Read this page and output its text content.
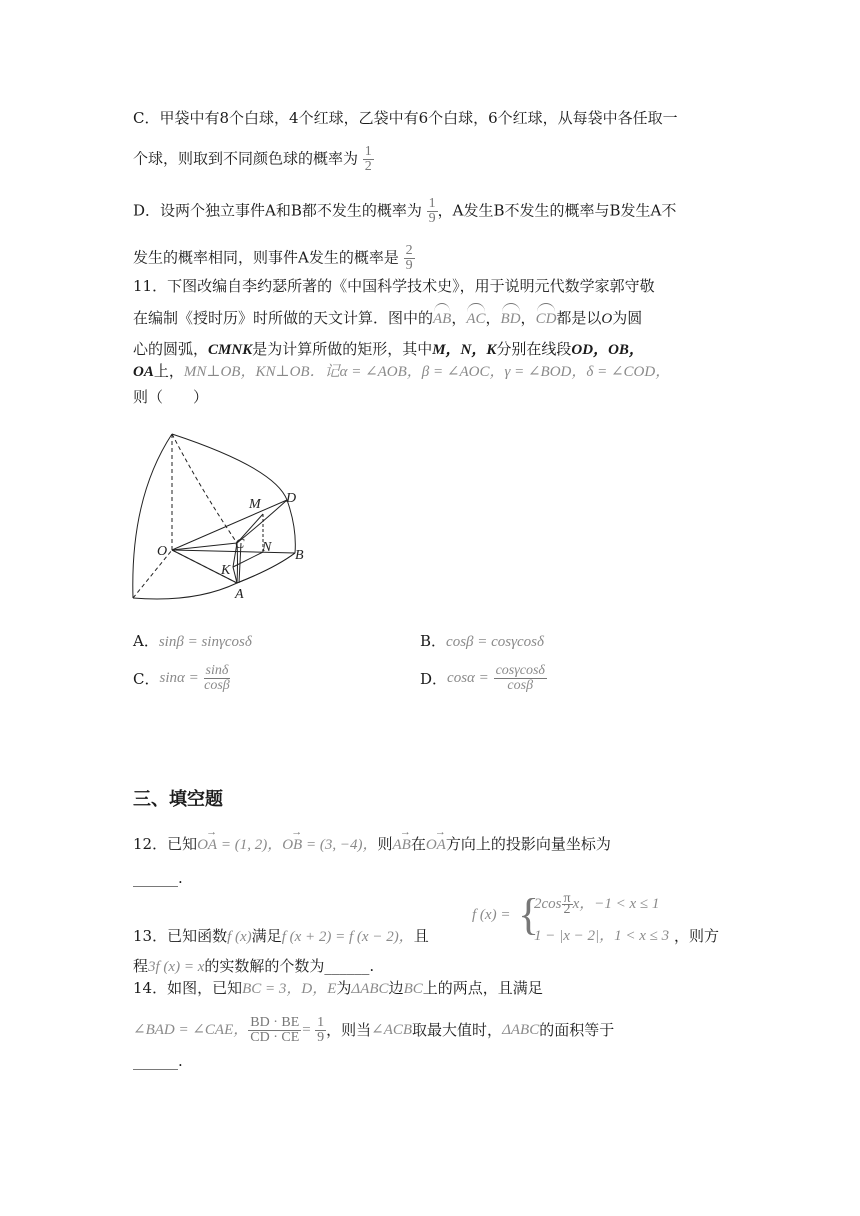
C．甲袋中有8个白球，4个红球，乙袋中有6个白球，6个红球，从每袋中各任取一
个球，则取到不同颜色球的概率为 $\frac{1}{2}$
D．设两个独立事件A和B都不发生的概率为 $\frac{1}{9}$ ，A发生B不发生的概率与B发生A不
发生的概率相同，则事件A发生的概率是 $\frac{2}{9}$
11．下图改编自李约瑟所著的《中国科学技术史》，用于说明元代数学家郭守敬
在编制《授时历》时所做的天文计算．图中的AB，AC，BD，CD都是以O为圆
心的圆弧，CMNK是为计算所做的矩形，其中M，N，K分别在线段OD，OB，
OA上，MN⊥OB，KN⊥OB．记α = ∠AOB，β = ∠AOC，γ = ∠BOD，δ = ∠COD，
则（　　）
O
A
B
C
D
M
N
K
A．sinβ = sinγcosδ	B．cosβ = cosγcosδ
C．$\sin\alpha = \frac{\sin\delta}{\cos\beta}$	D．$\cos\alpha = \frac{\cos\gamma\cos\delta}{\cos\beta}$
三、填空题
12．已知→ OA = (1, 2)，→ OB = (3, −4)，则→ AB在→ OA方向上的投影向量坐标为
______.
13．已知函数f (x)满足f (x + 2) = f (x − 2)，且
f (x) = {
$2\cos \frac{\pi}{2}$ x，−1 < x ≤ 1
1 − |x − 2|，1 < x ≤ 3 ，则方
程3f (x) = x的实数解的个数为______.
14．如图，已知BC = 3，D，E为ΔABC边BC上的两点，且满足
∠BAD = ∠CAE， $\frac{BD \cdot BE}{CD \cdot CE} = \frac{1}{9}$ ，则当∠ACB取最大值时，ΔABC的面积等于
______.
